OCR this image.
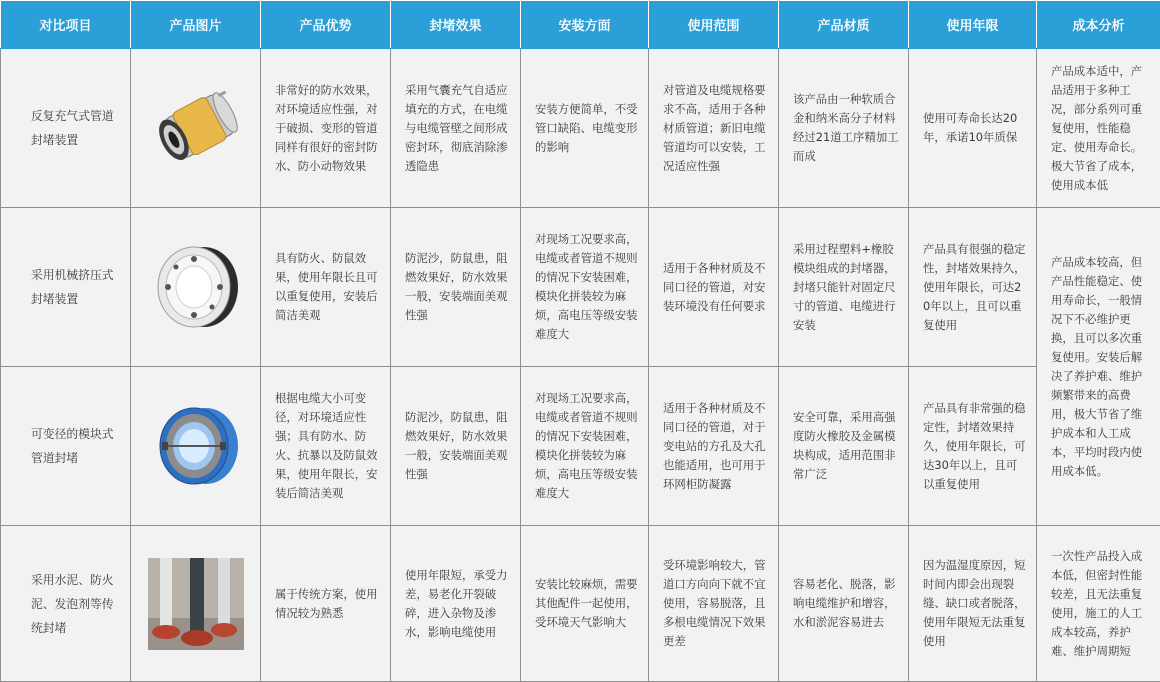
对比项目	产品图片	产品优势	封堵效果	安装方面	使用范围	产品材质	使用年限	成本分析
反复充气式管道封堵装置		非常好的防水效果，对环境适应性强，对于破损、变形的管道同样有很好的密封防水、防小动物效果	采用气囊充气自适应填充的方式，在电缆与电缆管壁之间形成密封环，彻底消除渗透隐患	安装方便简单，不受管口缺陷、电缆变形的影响	对管道及电缆规格要求不高，适用于各种材质管道；新旧电缆管道均可以安装，工况适应性强	该产品由一种软质合金和纳米高分子材料经过21道工序精加工而成	使用可寿命长达20年，承诺10年质保	产品成本适中，产品适用于多种工况，部分系列可重复使用，性能稳定、使用寿命长。极大节省了成本，使用成本低
采用机械挤压式封堵装置		具有防火、防鼠效果，使用年限长且可以重复使用，安装后简洁美观	防泥沙，防鼠患，阻燃效果好，防水效果一般，安装端面美观性强	对现场工况要求高，电缆或者管道不规则的情况下安装困难，模块化拼装较为麻烦，高电压等级安装难度大	适用于各种材质及不同口径的管道，对安装环境没有任何要求	采用过程塑料+橡胶模块组成的封堵器，封堵只能针对固定尺寸的管道、电缆进行安装	产品具有很强的稳定性，封堵效果持久，使用年限长，可达20年以上，且可以重复使用	产品成本较高，但产品性能稳定、使用寿命长，一般情况下不必维护更换，且可以多次重复使用。安装后解决了养护难、维护频繁带来的高费用，极大节省了维护成本和人工成本，平均时段内使用成本低。
可变径的模块式管道封堵		根据电缆大小可变径，对环境适应性强；具有防水、防火、抗暴以及防鼠效果，使用年限长，安装后简洁美观	防泥沙，防鼠患，阻燃效果好，防水效果一般，安装端面美观性强	对现场工况要求高，电缆或者管道不规则的情况下安装困难，模块化拼装较为麻烦，高电压等级安装难度大	适用于各种材质及不同口径的管道，对于变电站的方孔及大孔也能适用，也可用于环网柜防凝露	安全可靠，采用高强度防火橡胶及金属模块构成，适用范围非常广泛	产品具有非常强的稳定性，封堵效果持久，使用年限长，可达30年以上，且可以重复使用	
采用水泥、防火泥、发泡剂等传统封堵		属于传统方案，使用情况较为熟悉	使用年限短，承受力差，易老化开裂破碎，进入杂物及渗水，影响电缆使用	安装比较麻烦，需要其他配件一起使用，受环境天气影响大	受环境影响较大，管道口方向向下就不宜使用，容易脱落，且多根电缆情况下效果更差	容易老化、脱落，影响电缆维护和增容，水和淤泥容易进去	因为温湿度原因，短时间内即会出现裂缝、缺口或者脱落，使用年限短无法重复使用	一次性产品投入成本低，但密封性能较差，且无法重复使用，施工的人工成本较高，养护难、维护周期短
